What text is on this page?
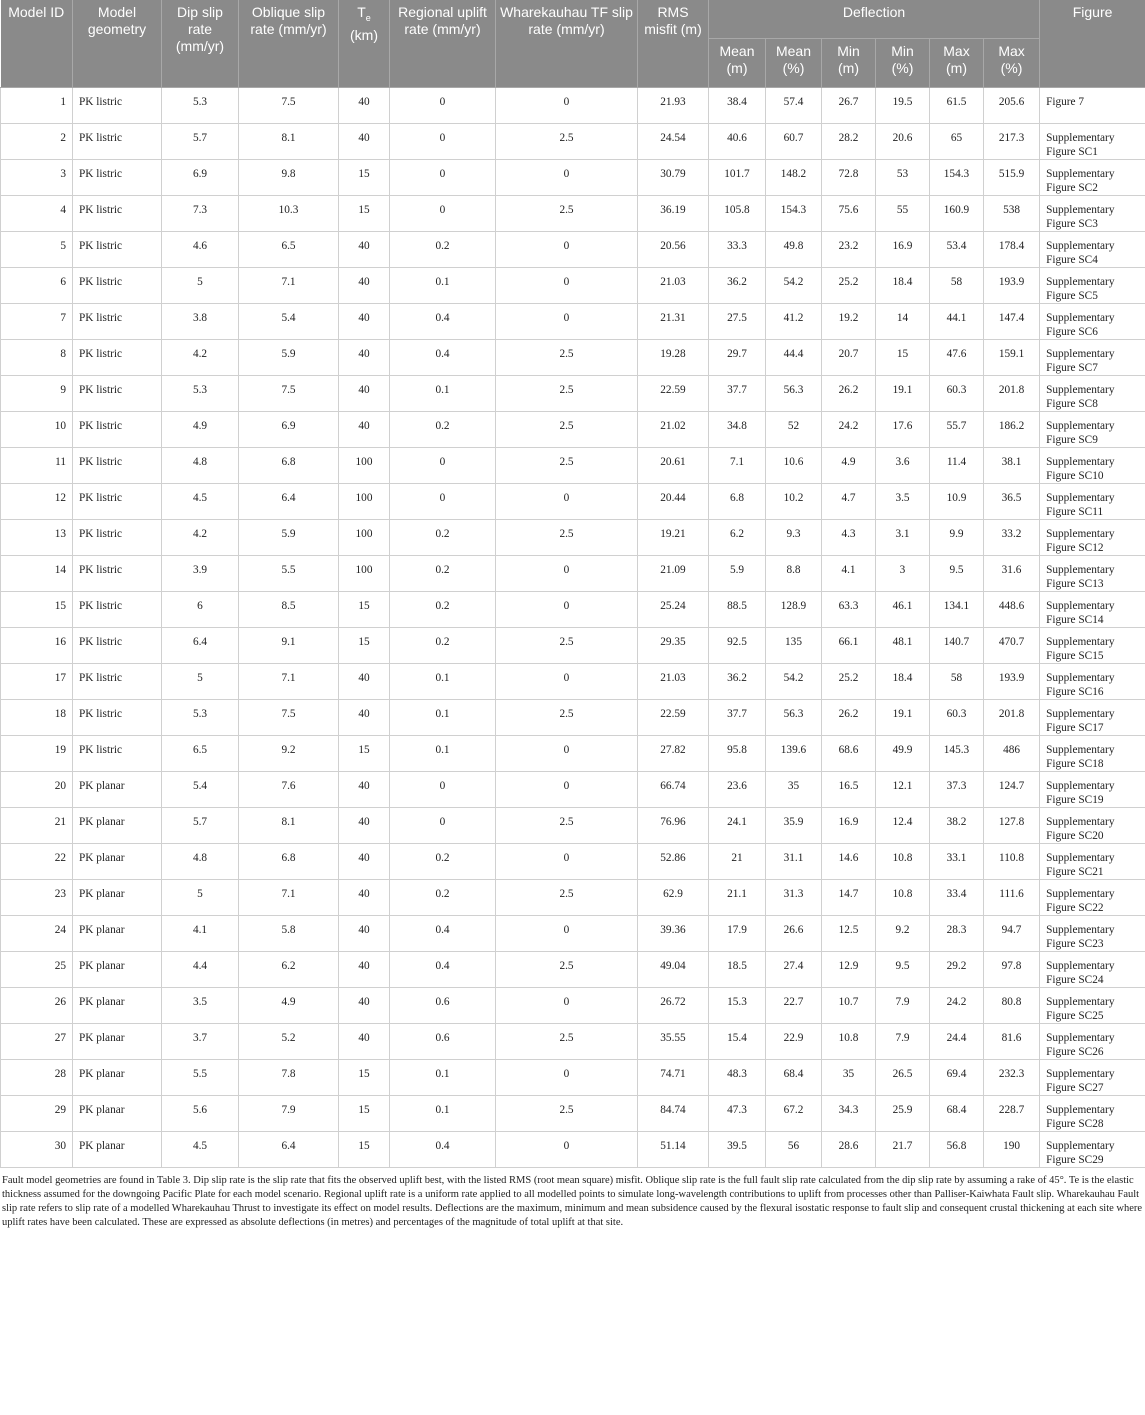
Model ID	Model geometry	Dip slip rate (mm/yr)	Oblique slip rate (mm/yr)	$T_e$
(km)	Regional uplift rate (mm/yr)	Wharekauhau TF slip rate (mm/yr)	RMS misfit (m)	Deflection						Figure
								Mean (m)	Mean (%)	Min (m)	Min (%)	Max (m)	Max (%)	
1	PK listric	5.3	7.5	40	0	0	21.93	38.4	57.4	26.7	19.5	61.5	205.6	Figure 7
2	PK listric	5.7	8.1	40	0	2.5	24.54	40.6	60.7	28.2	20.6	65	217.3	Supplementary Figure SC1
3	PK listric	6.9	9.8	15	0	0	30.79	101.7	148.2	72.8	53	154.3	515.9	Supplementary Figure SC2
4	PK listric	7.3	10.3	15	0	2.5	36.19	105.8	154.3	75.6	55	160.9	538	Supplementary Figure SC3
5	PK listric	4.6	6.5	40	0.2	0	20.56	33.3	49.8	23.2	16.9	53.4	178.4	Supplementary Figure SC4
6	PK listric	5	7.1	40	0.1	0	21.03	36.2	54.2	25.2	18.4	58	193.9	Supplementary Figure SC5
7	PK listric	3.8	5.4	40	0.4	0	21.31	27.5	41.2	19.2	14	44.1	147.4	Supplementary Figure SC6
8	PK listric	4.2	5.9	40	0.4	2.5	19.28	29.7	44.4	20.7	15	47.6	159.1	Supplementary Figure SC7
9	PK listric	5.3	7.5	40	0.1	2.5	22.59	37.7	56.3	26.2	19.1	60.3	201.8	Supplementary Figure SC8
10	PK listric	4.9	6.9	40	0.2	2.5	21.02	34.8	52	24.2	17.6	55.7	186.2	Supplementary Figure SC9
11	PK listric	4.8	6.8	100	0	2.5	20.61	7.1	10.6	4.9	3.6	11.4	38.1	Supplementary Figure SC10
12	PK listric	4.5	6.4	100	0	0	20.44	6.8	10.2	4.7	3.5	10.9	36.5	Supplementary Figure SC11
13	PK listric	4.2	5.9	100	0.2	2.5	19.21	6.2	9.3	4.3	3.1	9.9	33.2	Supplementary Figure SC12
14	PK listric	3.9	5.5	100	0.2	0	21.09	5.9	8.8	4.1	3	9.5	31.6	Supplementary Figure SC13
15	PK listric	6	8.5	15	0.2	0	25.24	88.5	128.9	63.3	46.1	134.1	448.6	Supplementary Figure SC14
16	PK listric	6.4	9.1	15	0.2	2.5	29.35	92.5	135	66.1	48.1	140.7	470.7	Supplementary Figure SC15
17	PK listric	5	7.1	40	0.1	0	21.03	36.2	54.2	25.2	18.4	58	193.9	Supplementary Figure SC16
18	PK listric	5.3	7.5	40	0.1	2.5	22.59	37.7	56.3	26.2	19.1	60.3	201.8	Supplementary Figure SC17
19	PK listric	6.5	9.2	15	0.1	0	27.82	95.8	139.6	68.6	49.9	145.3	486	Supplementary Figure SC18
20	PK planar	5.4	7.6	40	0	0	66.74	23.6	35	16.5	12.1	37.3	124.7	Supplementary Figure SC19
21	PK planar	5.7	8.1	40	0	2.5	76.96	24.1	35.9	16.9	12.4	38.2	127.8	Supplementary Figure SC20
22	PK planar	4.8	6.8	40	0.2	0	52.86	21	31.1	14.6	10.8	33.1	110.8	Supplementary Figure SC21
23	PK planar	5	7.1	40	0.2	2.5	62.9	21.1	31.3	14.7	10.8	33.4	111.6	Supplementary Figure SC22
24	PK planar	4.1	5.8	40	0.4	0	39.36	17.9	26.6	12.5	9.2	28.3	94.7	Supplementary Figure SC23
25	PK planar	4.4	6.2	40	0.4	2.5	49.04	18.5	27.4	12.9	9.5	29.2	97.8	Supplementary Figure SC24
26	PK planar	3.5	4.9	40	0.6	0	26.72	15.3	22.7	10.7	7.9	24.2	80.8	Supplementary Figure SC25
27	PK planar	3.7	5.2	40	0.6	2.5	35.55	15.4	22.9	10.8	7.9	24.4	81.6	Supplementary Figure SC26
28	PK planar	5.5	7.8	15	0.1	0	74.71	48.3	68.4	35	26.5	69.4	232.3	Supplementary Figure SC27
29	PK planar	5.6	7.9	15	0.1	2.5	84.74	47.3	67.2	34.3	25.9	68.4	228.7	Supplementary Figure SC28
30	PK planar	4.5	6.4	15	0.4	0	51.14	39.5	56	28.6	21.7	56.8	190	Supplementary Figure SC29
Fault model geometries are found in Table 3. Dip slip rate is the slip rate that fits the observed uplift best, with the listed RMS (root mean square) misfit. Oblique slip rate is the full fault slip rate calculated from the dip slip rate by assuming a rake of 45°. Te is the elastic thickness assumed for the downgoing Pacific Plate for each model scenario. Regional uplift rate is a uniform rate applied to all modelled points to simulate long-wavelength contributions to uplift from processes other than Palliser-Kaiwhata Fault slip. Wharekauhau Fault slip rate refers to slip rate of a modelled Wharekauhau Thrust to investigate its effect on model results. Deflections are the maximum, minimum and mean subsidence caused by the flexural isostatic response to fault slip and consequent crustal thickening at each site where uplift rates have been calculated. These are expressed as absolute deflections (in metres) and percentages of the magnitude of total uplift at that site.
